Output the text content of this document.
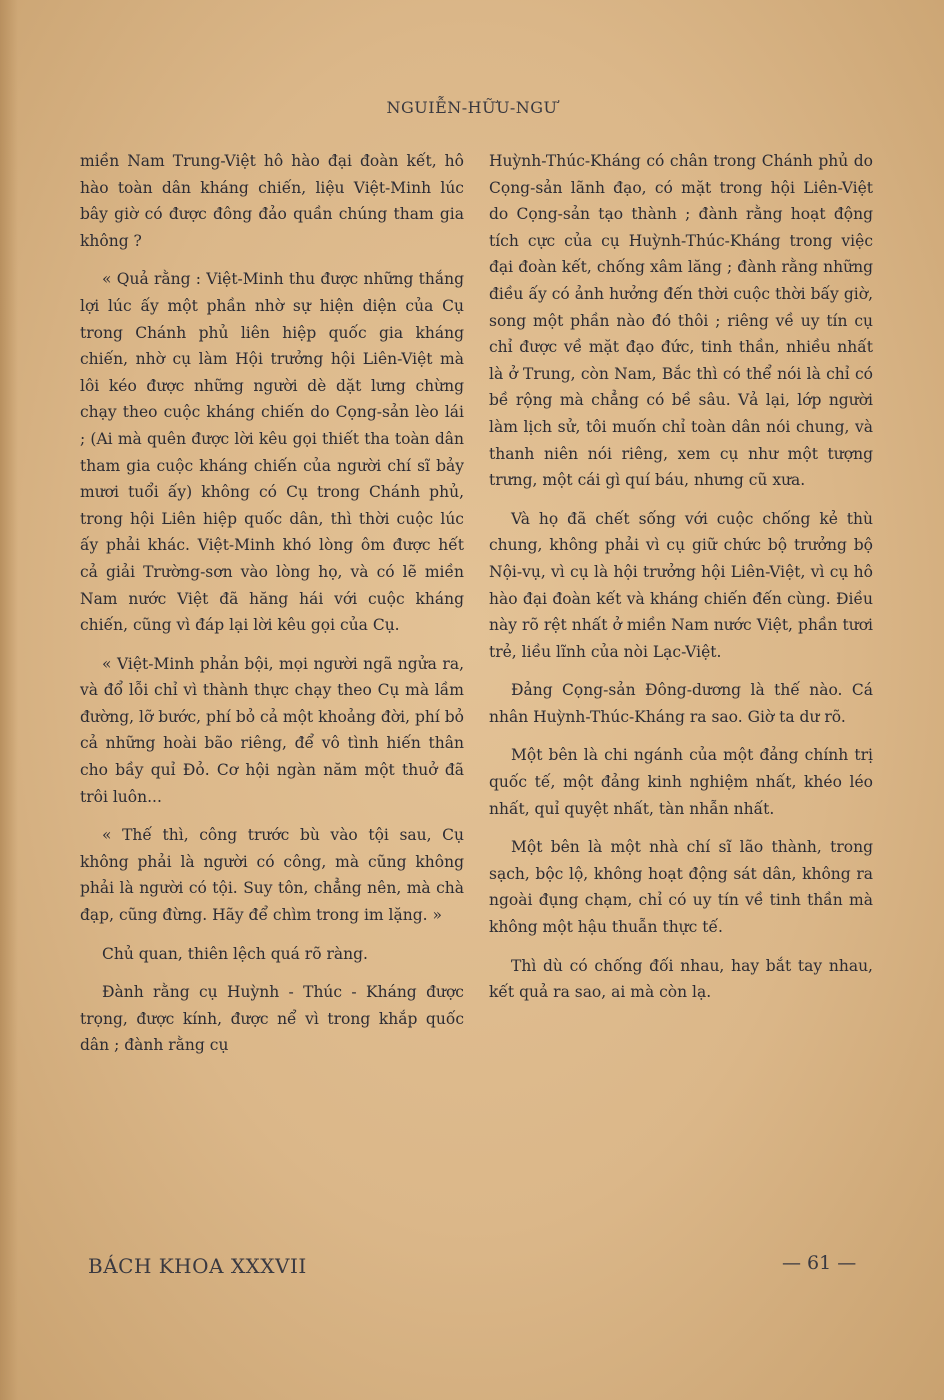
NGUIỄN-HỮU-NGƯ

miền Nam Trung-Việt hô hào đại đoàn kết, hô hào toàn dân kháng chiến, liệu Việt-Minh lúc bây giờ có được đông đảo quần chúng tham gia không ?

« Quả rằng : Việt-Minh thu được những thắng lợi lúc ấy một phần nhờ sự hiện diện của Cụ trong Chánh phủ liên hiệp quốc gia kháng chiến, nhờ cụ làm Hội trưởng hội Liên-Việt mà lôi kéo được những người dè dặt lưng chừng chạy theo cuộc kháng chiến do Cọng-sản lèo lái ; (Ai mà quên được lời kêu gọi thiết tha toàn dân tham gia cuộc kháng chiến của người chí sĩ bảy mươi tuổi ấy) không có Cụ trong Chánh phủ, trong hội Liên hiệp quốc dân, thì thời cuộc lúc ấy phải khác. Việt-Minh khó lòng ôm được hết cả giải Trường-sơn vào lòng họ, và có lẽ miền Nam nước Việt đã hăng hái với cuộc kháng chiến, cũng vì đáp lại lời kêu gọi của Cụ.

« Việt-Minh phản bội, mọi người ngã ngửa ra, và đổ lỗi chỉ vì thành thực chạy theo Cụ mà lầm đường, lỡ bước, phí bỏ cả một khoảng đời, phí bỏ cả những hoài bão riêng, để vô tình hiến thân cho bầy quỉ Đỏ. Cơ hội ngàn năm một thuở đã trôi luôn...

« Thế thì, công trước bù vào tội sau, Cụ không phải là người có công, mà cũng không phải là người có tội. Suy tôn, chẳng nên, mà chà đạp, cũng đừng. Hãy để chìm trong im lặng. »

Chủ quan, thiên lệch quá rõ ràng.

Đành rằng cụ Huỳnh - Thúc - Kháng được trọng, được kính, được nể vì trong khắp quốc dân ; đành rằng cụ

Huỳnh-Thúc-Kháng có chân trong Chánh phủ do Cọng-sản lãnh đạo, có mặt trong hội Liên-Việt do Cọng-sản tạo thành ; đành rằng hoạt động tích cực của cụ Huỳnh-Thúc-Kháng trong việc đại đoàn kết, chống xâm lăng ; đành rằng những điều ấy có ảnh hưởng đến thời cuộc thời bấy giờ, song một phần nào đó thôi ; riêng về uy tín cụ chỉ được về mặt đạo đức, tinh thần, nhiều nhất là ở Trung, còn Nam, Bắc thì có thể nói là chỉ có bề rộng mà chẳng có bề sâu. Vả lại, lớp người làm lịch sử, tôi muốn chỉ toàn dân nói chung, và thanh niên nói riêng, xem cụ như một tượng trưng, một cái gì quí báu, nhưng cũ xưa.

Và họ đã chết sống với cuộc chống kẻ thù chung, không phải vì cụ giữ chức bộ trưởng bộ Nội-vụ, vì cụ là hội trưởng hội Liên-Việt, vì cụ hô hào đại đoàn kết và kháng chiến đến cùng. Điều này rõ rệt nhất ở miền Nam nước Việt, phần tươi trẻ, liều lĩnh của nòi Lạc-Việt.

Đảng Cọng-sản Đông-dương là thế nào. Cá nhân Huỳnh-Thúc-Kháng ra sao. Giờ ta dư rõ.

Một bên là chi ngánh của một đảng chính trị quốc tế, một đảng kinh nghiệm nhất, khéo léo nhất, quỉ quyệt nhất, tàn nhẫn nhất.

Một bên là một nhà chí sĩ lão thành, trong sạch, bộc lộ, không hoạt động sát dân, không ra ngoài đụng chạm, chỉ có uy tín về tinh thần mà không một hậu thuẫn thực tế.

Thì dù có chống đối nhau, hay bắt tay nhau, kết quả ra sao, ai mà còn lạ.

BÁCH KHOA XXXVII	— 61 —
